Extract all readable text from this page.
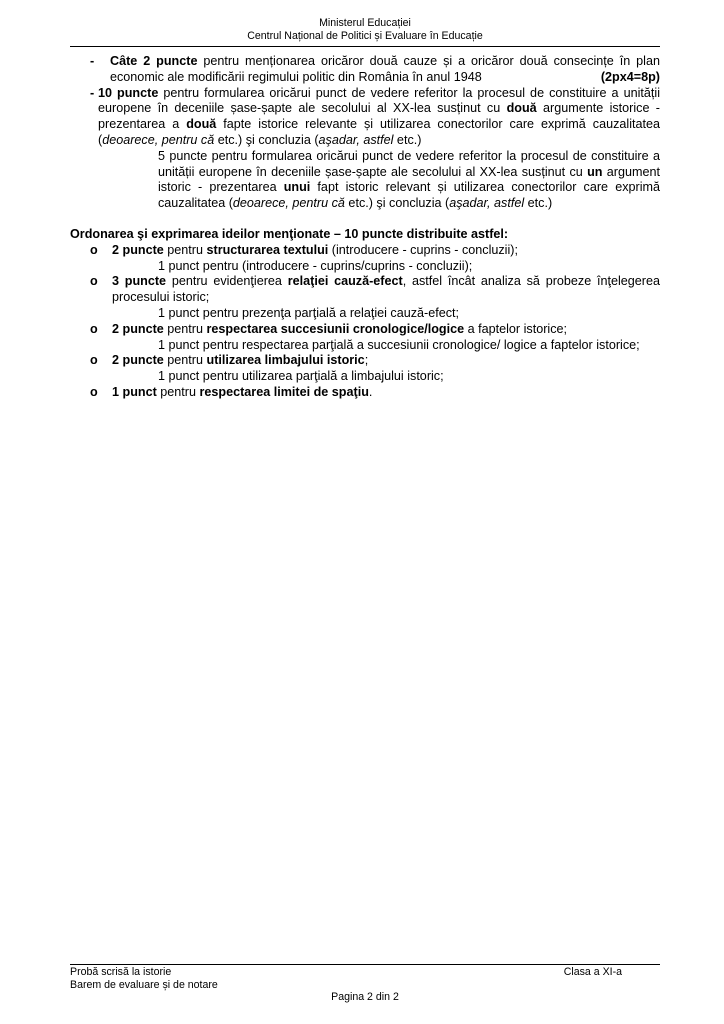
Ministerul Educației
Centrul Național de Politici și Evaluare în Educație
-	Câte 2 puncte pentru menționarea oricăror două cauze și a oricăror două consecințe în plan economic ale modificării regimului politic din România în anul 1948	(2px4=8p)
- 10 puncte pentru formularea oricărui punct de vedere referitor la procesul de constituire a unității europene în deceniile șase-șapte ale secolului al XX-lea susținut cu două argumente istorice - prezentarea a două fapte istorice relevante și utilizarea conectorilor care exprimă cauzalitatea (deoarece, pentru că etc.) şi concluzia (aşadar, astfel etc.)
5 puncte pentru formularea oricărui punct de vedere referitor la procesul de constituire a unității europene în deceniile șase-șapte ale secolului al XX-lea susținut cu un argument istoric - prezentarea unui fapt istoric relevant și utilizarea conectorilor care exprimă cauzalitatea (deoarece, pentru că etc.) şi concluzia (aşadar, astfel etc.)
Ordonarea şi exprimarea ideilor menţionate – 10 puncte distribuite astfel:
o	2 puncte pentru structurarea textului (introducere - cuprins - concluzii);
1 punct pentru (introducere - cuprins/cuprins - concluzii);
o	3 puncte pentru evidenţierea relaţiei cauză-efect, astfel încât analiza să probeze înţelegerea procesului istoric;
1 punct pentru prezenţa parţială a relaţiei cauză-efect;
o	2 puncte pentru respectarea succesiunii cronologice/logice a faptelor istorice;
1 punct pentru respectarea parţială a succesiunii cronologice/ logice a faptelor istorice;
o	2 puncte pentru utilizarea limbajului istoric;
1 punct pentru utilizarea parţială a limbajului istoric;
o	1 punct pentru respectarea limitei de spaţiu.
Probă scrisă la istorie
Barem de evaluare și de notare
Clasa a XI-a
Pagina 2 din 2
